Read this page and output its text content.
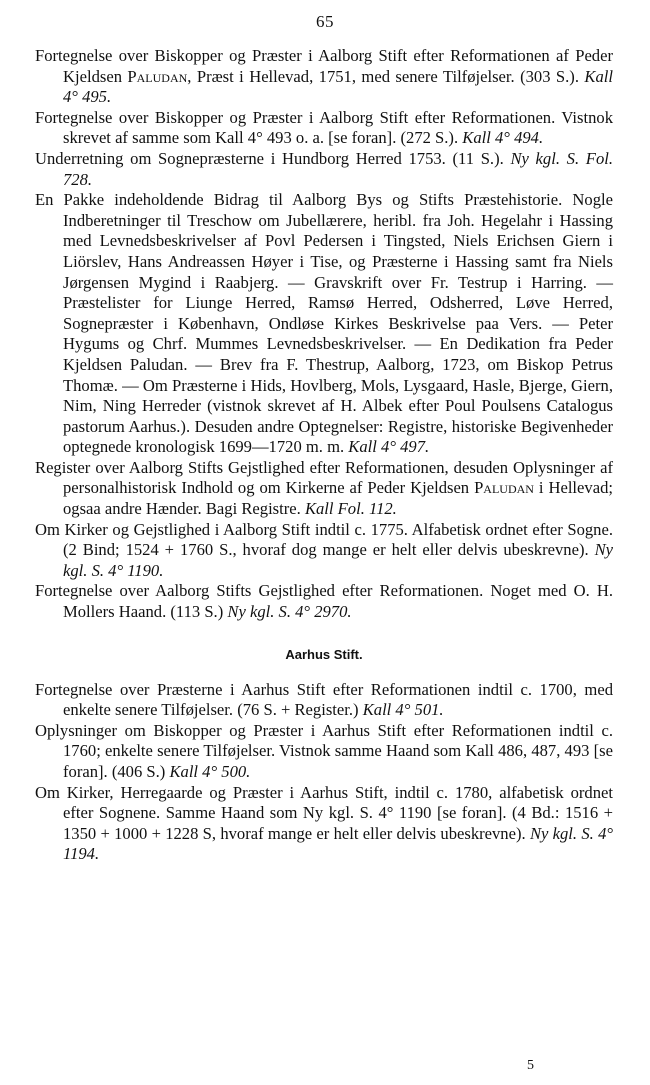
65

Fortegnelse over Biskopper og Præster i Aalborg Stift efter Reformationen af Peder Kjeldsen Paludan, Præst i Hellevad, 1751, med senere Tilføjelser. (303 S.). Kall 4° 495.

Fortegnelse over Biskopper og Præster i Aalborg Stift efter Reformationen. Vistnok skrevet af samme som Kall 4° 493 o. a. [se foran]. (272 S.). Kall 4° 494.

Underretning om Sognepræsterne i Hundborg Herred 1753. (11 S.). Ny kgl. S. Fol. 728.

En Pakke indeholdende Bidrag til Aalborg Bys og Stifts Præstehistorie. Nogle Indberetninger til Treschow om Jubellærere, heribl. fra Joh. Hegelahr i Hassing med Levnedsbeskrivelser af Povl Pedersen i Tingsted, Niels Erichsen Giern i Liörslev, Hans Andreassen Høyer i Tise, og Præsterne i Hassing samt fra Niels Jørgensen Mygind i Raabjerg. — Gravskrift over Fr. Testrup i Harring. — Præstelister for Liunge Herred, Ramsø Herred, Odsherred, Løve Herred, Sognepræster i København, Ondløse Kirkes Beskrivelse paa Vers. — Peter Hygums og Chrf. Mummes Levnedsbeskrivelser. — En Dedikation fra Peder Kjeldsen Paludan. — Brev fra F. Thestrup, Aalborg, 1723, om Biskop Petrus Thomæ. — Om Præsterne i Hids, Hovlberg, Mols, Lysgaard, Hasle, Bjerge, Giern, Nim, Ning Herreder (vistnok skrevet af H. Albek efter Poul Poulsens Catalogus pastorum Aarhus.). Desuden andre Optegnelser: Registre, historiske Begivenheder optegnede kronologisk 1699—1720 m. m. Kall 4° 497.

Register over Aalborg Stifts Gejstlighed efter Reformationen, desuden Oplysninger af personalhistorisk Indhold og om Kirkerne af Peder Kjeldsen Paludan i Hellevad; ogsaa andre Hænder. Bagi Registre. Kall Fol. 112.

Om Kirker og Gejstlighed i Aalborg Stift indtil c. 1775. Alfabetisk ordnet efter Sogne. (2 Bind; 1524 + 1760 S., hvoraf dog mange er helt eller delvis ubeskrevne). Ny kgl. S. 4° 1190.

Fortegnelse over Aalborg Stifts Gejstlighed efter Reformationen. Noget med O. H. Mollers Haand. (113 S.) Ny kgl. S. 4° 2970.

Aarhus Stift.

Fortegnelse over Præsterne i Aarhus Stift efter Reformationen indtil c. 1700, med enkelte senere Tilføjelser. (76 S. + Register.) Kall 4° 501.

Oplysninger om Biskopper og Præster i Aarhus Stift efter Reformationen indtil c. 1760; enkelte senere Tilføjelser. Vistnok samme Haand som Kall 486, 487, 493 [se foran]. (406 S.) Kall 4° 500.

Om Kirker, Herregaarde og Præster i Aarhus Stift, indtil c. 1780, alfabetisk ordnet efter Sognene. Samme Haand som Ny kgl. S. 4° 1190 [se foran]. (4 Bd.: 1516 + 1350 + 1000 + 1228 S, hvoraf mange er helt eller delvis ubeskrevne). Ny kgl. S. 4° 1194.

5
